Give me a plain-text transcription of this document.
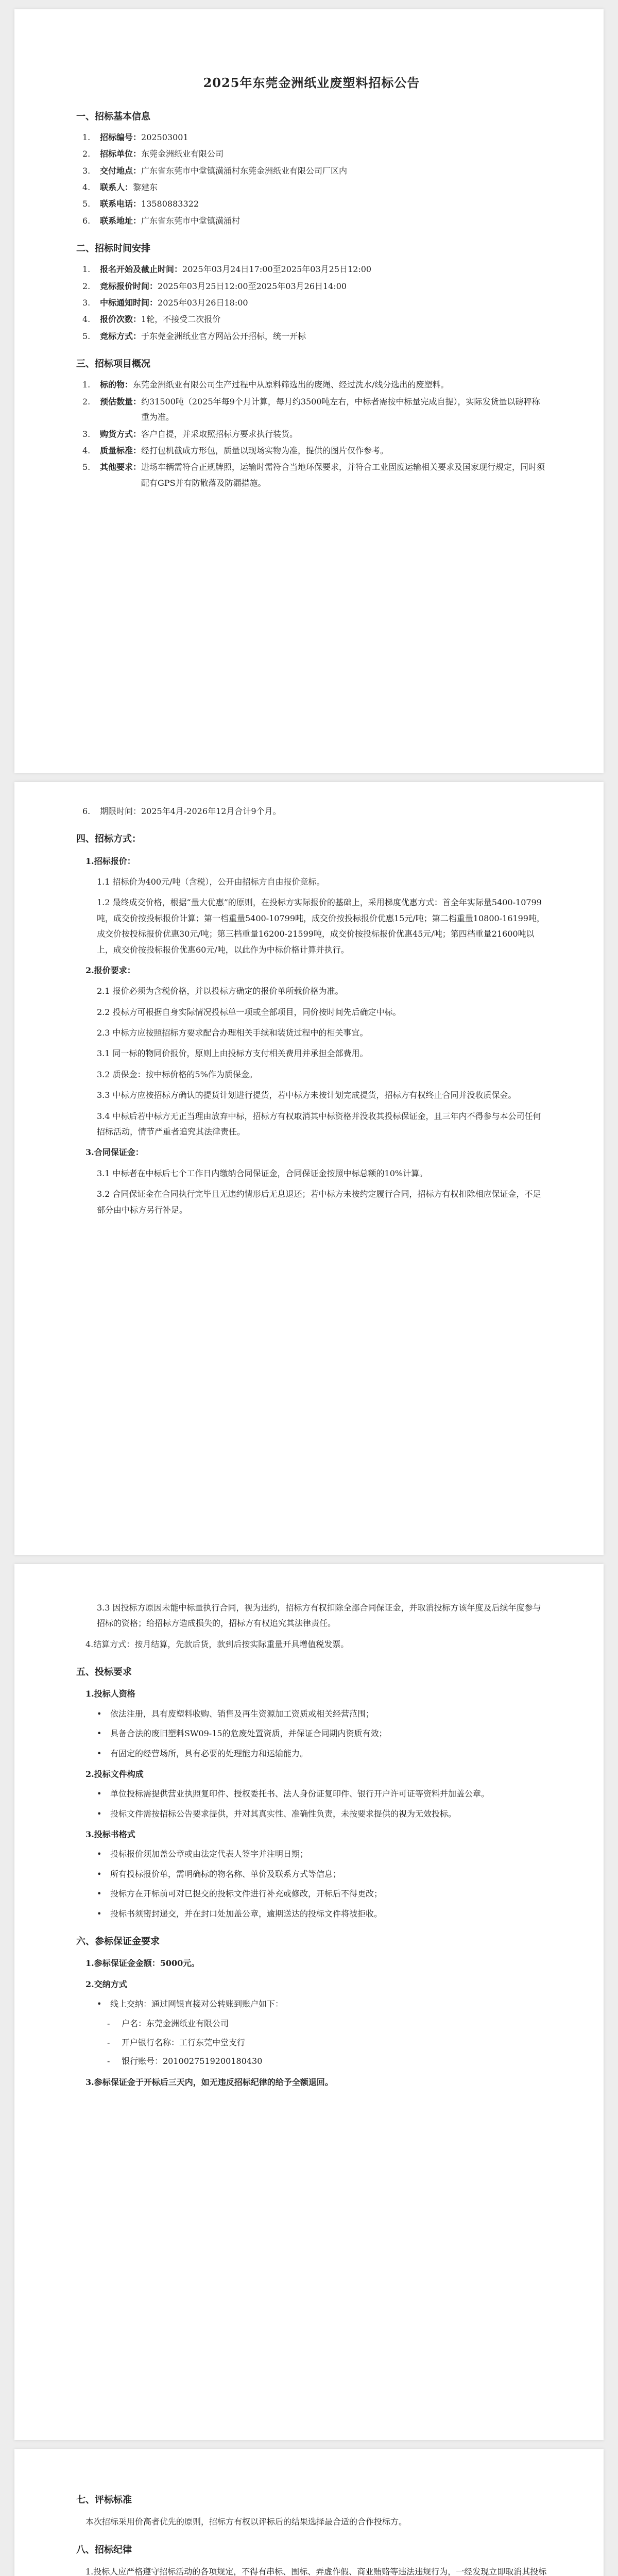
2025年东莞金洲纸业废塑料招标公告
一、招标基本信息
1.	招标编号： 202503001
2.	招标单位： 东莞金洲纸业有限公司
3.	交付地点： 广东省东莞市中堂镇潢涌村东莞金洲纸业有限公司厂区内
4.	联系人： 黎建东
5.	联系电话： 13580883322
6.	联系地址： 广东省东莞市中堂镇潢涌村
二、招标时间安排
1.	报名开始及截止时间： 2025年03月24日17:00至2025年03月25日12:00
2.	竞标报价时间： 2025年03月25日12:00至2025年03月26日14:00
3.	中标通知时间： 2025年03月26日18:00
4.	报价次数： 1轮，不接受二次报价
5.	竞标方式： 于东莞金洲纸业官方网站公开招标，统一开标
三、招标项目概况
1.	标的物： 东莞金洲纸业有限公司生产过程中从原料筛选出的废绳、经过洗水/线分选出的废塑料。
2.	预估数量： 约31500吨（2025年每9个月计算，每月约3500吨左右，中标者需按中标量完成自提），实际发货量以磅秤称重为准。
3.	购货方式： 客户自提，并采取照招标方要求执行装货。
4.	质量标准： 经打包机截成方形包，质量以现场实物为准，提供的图片仅作参考。
5.	其他要求： 进场车辆需符合正规牌照，运输时需符合当地环保要求，并符合工业固废运输相关要求及国家现行规定，同时须配有GPS并有防散落及防漏措施。
6.	期限时间：2025年4月-2026年12月合计9个月。
四、招标方式：
1.招标报价：
1.1 招标价为400元/吨（含税），公开由招标方自由报价竞标。
1.2 最终成交价格，根据“量大优惠”的原则，在投标方实际报价的基础上，采用梯度优惠方式：首全年实际量5400-10799吨，成交价按投标报价计算；第一档重量5400-10799吨，成交价按投标报价优惠15元/吨；第二档重量10800-16199吨，成交价按投标报价优惠30元/吨；第三档重量16200-21599吨，成交价按投标报价优惠45元/吨；第四档重量21600吨以上，成交价按投标报价优惠60元/吨，以此作为中标价格计算并执行。
2.报价要求：
2.1 报价必须为含税价格，并以投标方确定的报价单所载价格为准。
2.2 投标方可根据自身实际情况投标单一项或全部项目，同价按时间先后确定中标。
2.3 中标方应按照招标方要求配合办理相关手续和装货过程中的相关事宜。
3.1 同一标的物同价报价，原则上由投标方支付相关费用并承担全部费用。
3.2 质保金：按中标价格的5%作为质保金。
3.3 中标方应按招标方确认的提货计划进行提货，若中标方未按计划完成提货，招标方有权终止合同并没收质保金。
3.4 中标后若中标方无正当理由放弃中标，招标方有权取消其中标资格并没收其投标保证金，且三年内不得参与本公司任何招标活动，情节严重者追究其法律责任。
3.合同保证金：
3.1 中标者在中标后七个工作日内缴纳合同保证金，合同保证金按照中标总额的10%计算。
3.2 合同保证金在合同执行完毕且无违约情形后无息退还；若中标方未按约定履行合同，招标方有权扣除相应保证金，不足部分由中标方另行补足。
3.3 因投标方原因未能中标量执行合同，视为违约，招标方有权扣除全部合同保证金，并取消投标方该年度及后续年度参与招标的资格；给招标方造成损失的，招标方有权追究其法律责任。
4.结算方式：按月结算，先款后货，款到后按实际重量开具增值税发票。
五、投标要求
1.投标人资格
•	依法注册，具有废塑料收购、销售及再生资源加工资质或相关经营范围；
•	具备合法的废旧塑料SW09-15的危废处置资质，并保证合同期内资质有效；
•	有固定的经营场所，具有必要的处理能力和运输能力。
2.投标文件构成
•	单位投标需提供营业执照复印件、授权委托书、法人身份证复印件、银行开户许可证等资料并加盖公章。
•	投标文件需按招标公告要求提供，并对其真实性、准确性负责，未按要求提供的视为无效投标。
3.投标书格式
•	投标报价须加盖公章或由法定代表人签字并注明日期；
•	所有投标报价单，需明确标的物名称、单价及联系方式等信息；
•	投标方在开标前可对已提交的投标文件进行补充或修改，开标后不得更改；
•	投标书须密封递交，并在封口处加盖公章，逾期送达的投标文件将被拒收。
六、参标保证金要求
1.参标保证金金额：5000元。
2.交纳方式
•	线上交纳：通过网银直接对公转账到账户如下：
-	户名：东莞金洲纸业有限公司
-	开户银行名称：工行东莞中堂支行
-	银行账号：2010027519200180430
3.参标保证金于开标后三天内，如无违反招标纪律的给予全额退回。
七、评标标准
本次招标采用价高者优先的原则，招标方有权以评标后的结果选择最合适的合作投标方。
八、招标纪律
1.投标人应严格遵守招标活动的各项规定，不得有串标、围标、弄虚作假、商业贿赂等违法违规行为，一经发现立即取消其投标
